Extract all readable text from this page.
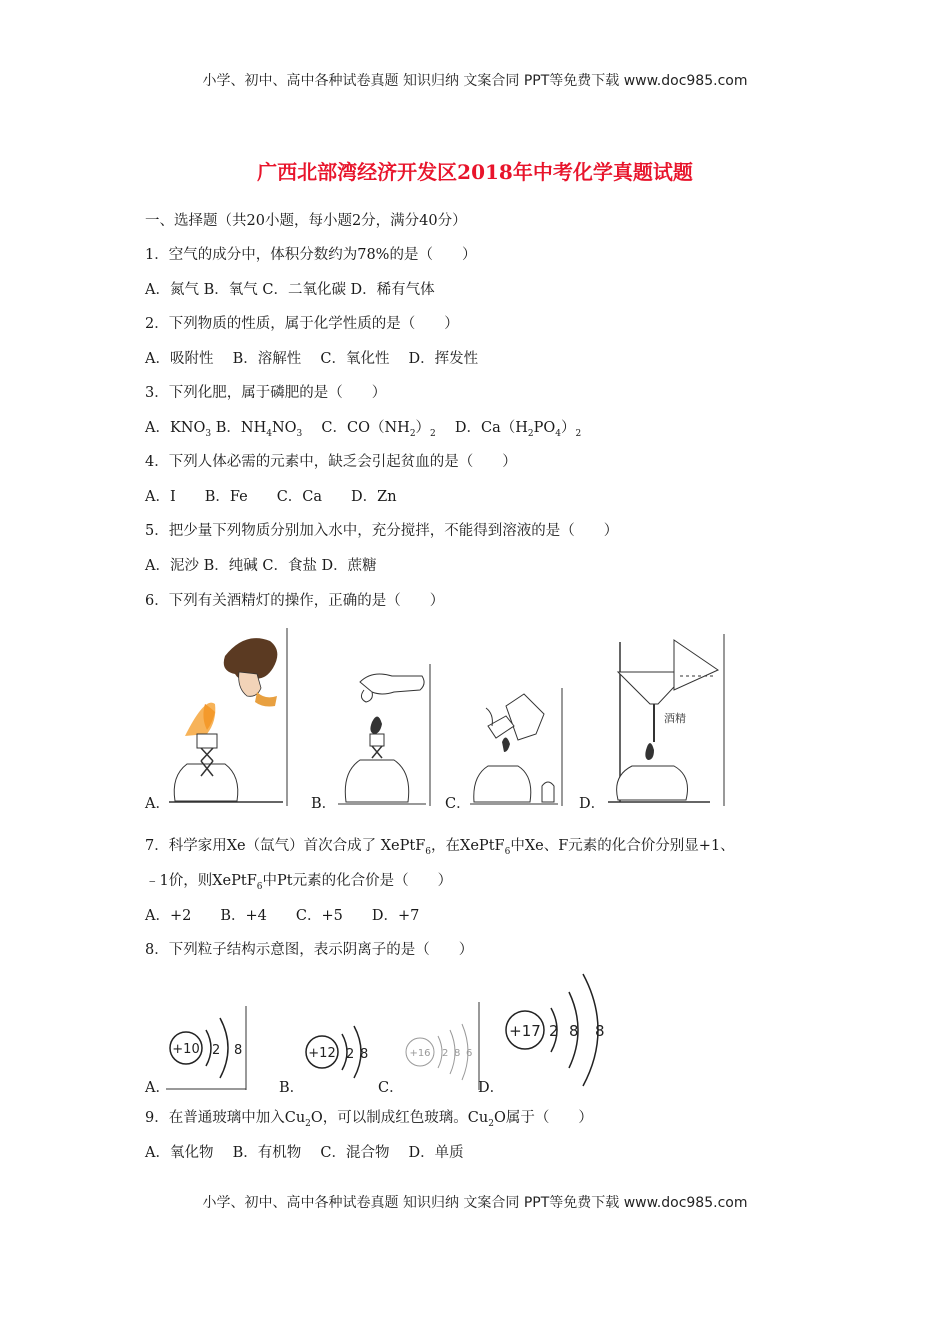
小学、初中、高中各种试卷真题 知识归纳 文案合同 PPT等免费下载 www.doc985.com
广西北部湾经济开发区2018年中考化学真题试题
一、选择题（共20小题，每小题2分，满分40分）
1．空气的成分中，体积分数约为78%的是（　　）
A．氮气 B．氧气 C．二氧化碳 D．稀有气体
2．下列物质的性质，属于化学性质的是（　　）
A．吸附性　 B．溶解性　 C．氧化性　 D．挥发性
3．下列化肥，属于磷肥的是（　　）
A．$KNO_3$ B．$NH_4NO_3$　 C．$CO(NH_2)_2$　 D．$Ca(H_2PO_4)_2$
4．下列人体必需的元素中，缺乏会引起贫血的是（　　）
A．I　　B．Fe　　C．Ca　　D．Zn
5．把少量下列物质分别加入水中，充分搅拌，不能得到溶液的是（　　）
A．泥沙 B．纯碱 C．食盐 D．蔗糖
6．下列有关酒精灯的操作，正确的是（　　）
A．	B．	C．	D．
酒精
7．科学家用Xe（氙气）首次合成了 XePtF$_6$，在XePtF$_6$中Xe、F元素的化合价分别显+1、
﹣1价，则XePtF$_6$中Pt元素的化合价是（　　）
A．+2　　B．+4　　C．+5　　D．+7
8．下列粒子结构示意图，表示阴离子的是（　　）
A．
+10 2 8
B．
+12 2 8
C．
+16 2 8 6
D．
+17 2 8 8
9．在普通玻璃中加入$Cu_2O$，可以制成红色玻璃。$Cu_2O$属于（　　）
A．氧化物　 B．有机物　 C．混合物　 D．单质
小学、初中、高中各种试卷真题 知识归纳 文案合同 PPT等免费下载 www.doc985.com
